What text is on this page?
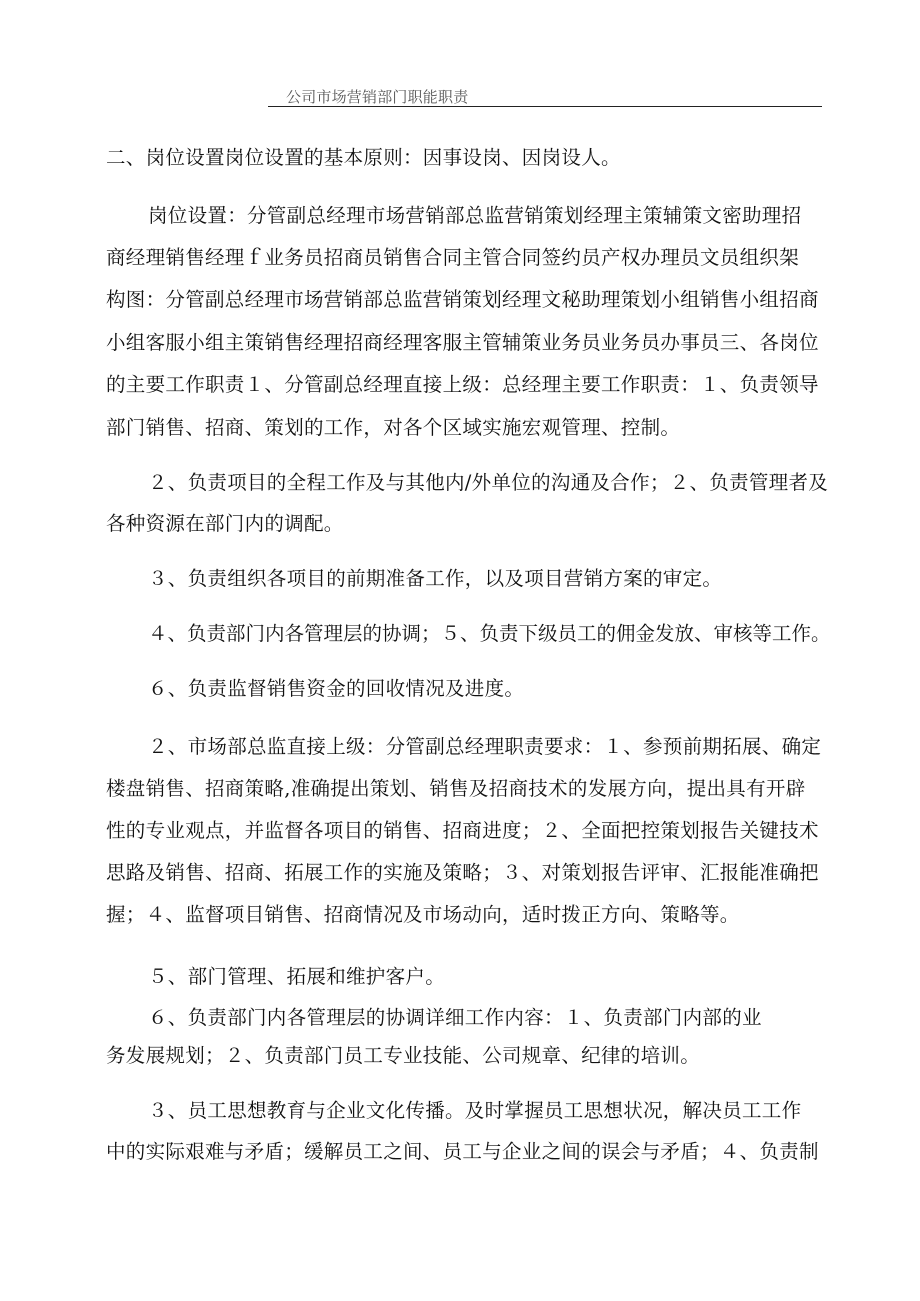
公司市场营销部门职能职责
二、岗位设置岗位设置的基本原则：因事设岗、因岗设人。
岗位设置：分管副总经理市场营销部总监营销策划经理主策辅策文密助理招
商经理销售经理ｆ业务员招商员销售合同主管合同签约员产权办理员文员组织架
构图：分管副总经理市场营销部总监营销策划经理文秘助理策划小组销售小组招商
小组客服小组主策销售经理招商经理客服主管辅策业务员业务员办事员三、各岗位
的主要工作职责１、分管副总经理直接上级：总经理主要工作职责：１、负责领导
部门销售、招商、策划的工作，对各个区域实施宏观管理、控制。
２、负责项目的全程工作及与其他内/外单位的沟通及合作；２、负责管理者及
各种资源在部门内的调配。
３、负责组织各项目的前期准备工作，以及项目营销方案的审定。
４、负责部门内各管理层的协调；５、负责下级员工的佣金发放、审核等工作。
６、负责监督销售资金的回收情况及进度。
２、市场部总监直接上级：分管副总经理职责要求：１、参预前期拓展、确定
楼盘销售、招商策略,准确提出策划、销售及招商技术的发展方向，提出具有开辟
性的专业观点，并监督各项目的销售、招商进度；２、全面把控策划报告关键技术
思路及销售、招商、拓展工作的实施及策略；３、对策划报告评审、汇报能准确把
握；４、监督项目销售、招商情况及市场动向，适时拨正方向、策略等。
５、部门管理、拓展和维护客户。
６、负责部门内各管理层的协调详细工作内容：１、负责部门内部的业
务发展规划；２、负责部门员工专业技能、公司规章、纪律的培训。
３、员工思想教育与企业文化传播。及时掌握员工思想状况，解决员工工作
中的实际艰难与矛盾；缓解员工之间、员工与企业之间的误会与矛盾；４、负责制
